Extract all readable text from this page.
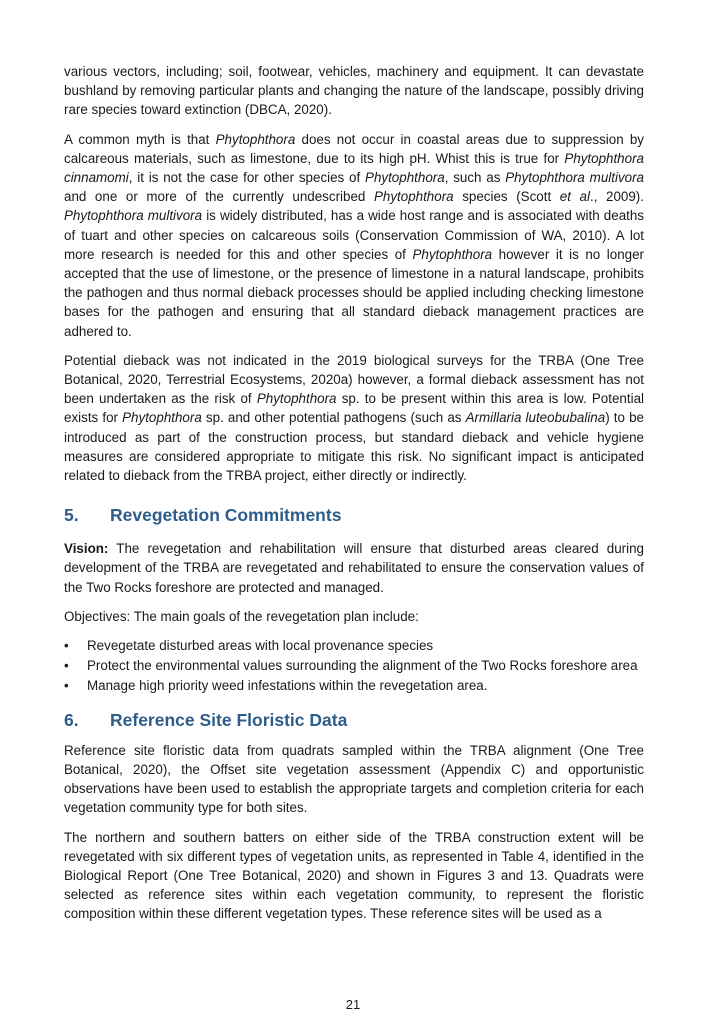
various vectors, including; soil, footwear, vehicles, machinery and equipment. It can devastate bushland by removing particular plants and changing the nature of the landscape, possibly driving rare species toward extinction (DBCA, 2020).

A common myth is that Phytophthora does not occur in coastal areas due to suppression by calcareous materials, such as limestone, due to its high pH. Whist this is true for Phytophthora cinnamomi, it is not the case for other species of Phytophthora, such as Phytophthora multivora and one or more of the currently undescribed Phytophthora species (Scott et al., 2009). Phytophthora multivora is widely distributed, has a wide host range and is associated with deaths of tuart and other species on calcareous soils (Conservation Commission of WA, 2010). A lot more research is needed for this and other species of Phytophthora however it is no longer accepted that the use of limestone, or the presence of limestone in a natural landscape, prohibits the pathogen and thus normal dieback processes should be applied including checking limestone bases for the pathogen and ensuring that all standard dieback management practices are adhered to.

Potential dieback was not indicated in the 2019 biological surveys for the TRBA (One Tree Botanical, 2020, Terrestrial Ecosystems, 2020a) however, a formal dieback assessment has not been undertaken as the risk of Phytophthora sp. to be present within this area is low. Potential exists for Phytophthora sp. and other potential pathogens (such as Armillaria luteobubalina) to be introduced as part of the construction process, but standard dieback and vehicle hygiene measures are considered appropriate to mitigate this risk. No significant impact is anticipated related to dieback from the TRBA project, either directly or indirectly.

5.	Revegetation Commitments

Vision: The revegetation and rehabilitation will ensure that disturbed areas cleared during development of the TRBA are revegetated and rehabilitated to ensure the conservation values of the Two Rocks foreshore are protected and managed.

Objectives: The main goals of the revegetation plan include:

•	Revegetate disturbed areas with local provenance species
•	Protect the environmental values surrounding the alignment of the Two Rocks foreshore area
•	Manage high priority weed infestations within the revegetation area.
6.	Reference Site Floristic Data

Reference site floristic data from quadrats sampled within the TRBA alignment (One Tree Botanical, 2020), the Offset site vegetation assessment (Appendix C) and opportunistic observations have been used to establish the appropriate targets and completion criteria for each vegetation community type for both sites.

The northern and southern batters on either side of the TRBA construction extent will be revegetated with six different types of vegetation units, as represented in Table 4, identified in the Biological Report (One Tree Botanical, 2020) and shown in Figures 3 and 13. Quadrats were selected as reference sites within each vegetation community, to represent the floristic composition within these different vegetation types. These reference sites will be used as a

21
